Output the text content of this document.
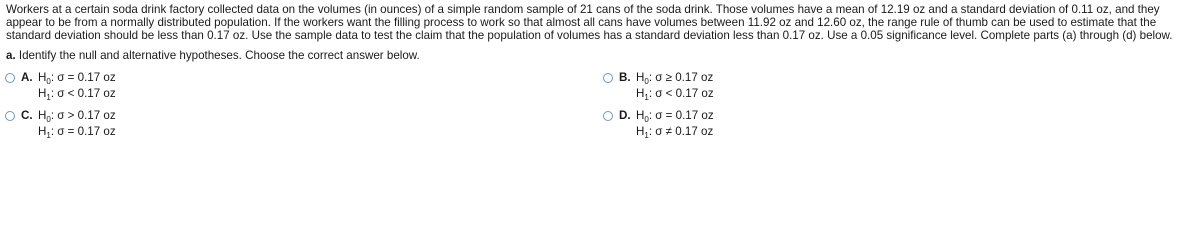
Workers at a certain soda drink factory collected data on the volumes (in ounces) of a simple random sample of 21 cans of the soda drink. Those volumes have a mean of 12.19 oz and a standard deviation of 0.11 oz, and they appear to be from a normally distributed population. If the workers want the filling process to work so that almost all cans have volumes between 11.92 oz and 12.60 oz, the range rule of thumb can be used to estimate that the standard deviation should be less than 0.17 oz. Use the sample data to test the claim that the population of volumes has a standard deviation less than 0.17 oz. Use a 0.05 significance level. Complete parts (a) through (d) below.

a. Identify the null and alternative hypotheses. Choose the correct answer below.
A. $H_0$: σ = 0.17 oz
$H_1$: σ < 0.17 oz
B. $H_0$: σ ≥ 0.17 oz
$H_1$: σ < 0.17 oz
C. $H_0$: σ > 0.17 oz
$H_1$: σ = 0.17 oz
D. $H_0$: σ = 0.17 oz
$H_1$: σ ≠ 0.17 oz
